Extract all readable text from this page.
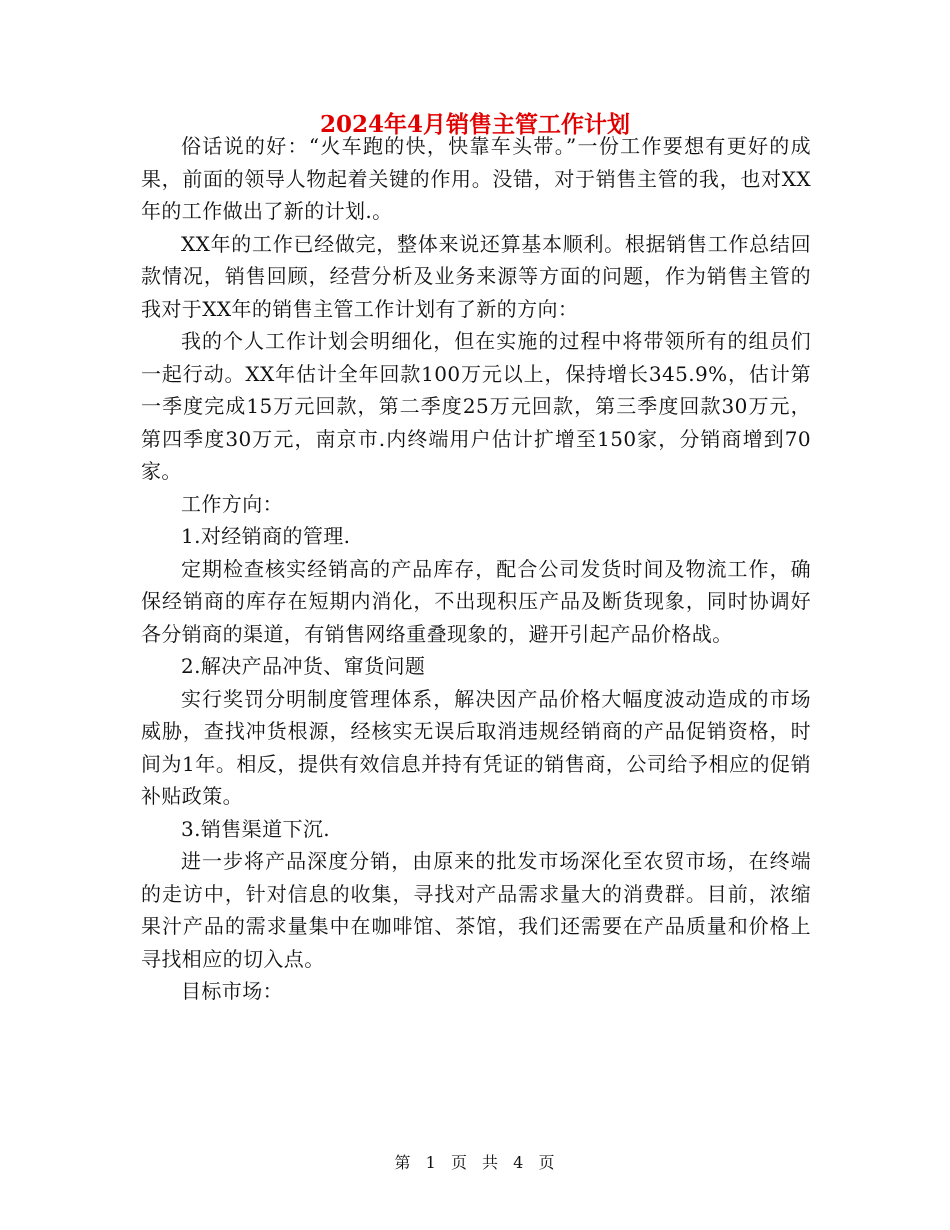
2024年4月销售主管工作计划

俗话说的好：“火车跑的快，快靠车头带。”一份工作要想有更好的成果，前面的领导人物起着关键的作用。没错，对于销售主管的我，也对XX年的工作做出了新的计划.。

XX年的工作已经做完，整体来说还算基本顺利。根据销售工作总结回款情况，销售回顾，经营分析及业务来源等方面的问题，作为销售主管的我对于XX年的销售主管工作计划有了新的方向：

我的个人工作计划会明细化，但在实施的过程中将带领所有的组员们一起行动。XX年估计全年回款100万元以上，保持增长345.9%，估计第一季度完成15万元回款，第二季度25万元回款，第三季度回款30万元，第四季度30万元，南京市.内终端用户估计扩增至150家，分销商增到70家。

工作方向：

1.对经销商的管理.

定期检查核实经销高的产品库存，配合公司发货时间及物流工作，确保经销商的库存在短期内消化，不出现积压产品及断货现象，同时协调好各分销商的渠道，有销售网络重叠现象的，避开引起产品价格战。

2.解决产品冲货、窜货问题

实行奖罚分明制度管理体系，解决因产品价格大幅度波动造成的市场威胁，查找冲货根源，经核实无误后取消违规经销商的产品促销资格，时间为1年。相反，提供有效信息并持有凭证的销售商，公司给予相应的促销补贴政策。

3.销售渠道下沉.

进一步将产品深度分销，由原来的批发市场深化至农贸市场，在终端的走访中，针对信息的收集，寻找对产品需求量大的消费群。目前，浓缩果汁产品的需求量集中在咖啡馆、茶馆，我们还需要在产品质量和价格上寻找相应的切入点。

目标市场：

第 1 页 共 4 页
